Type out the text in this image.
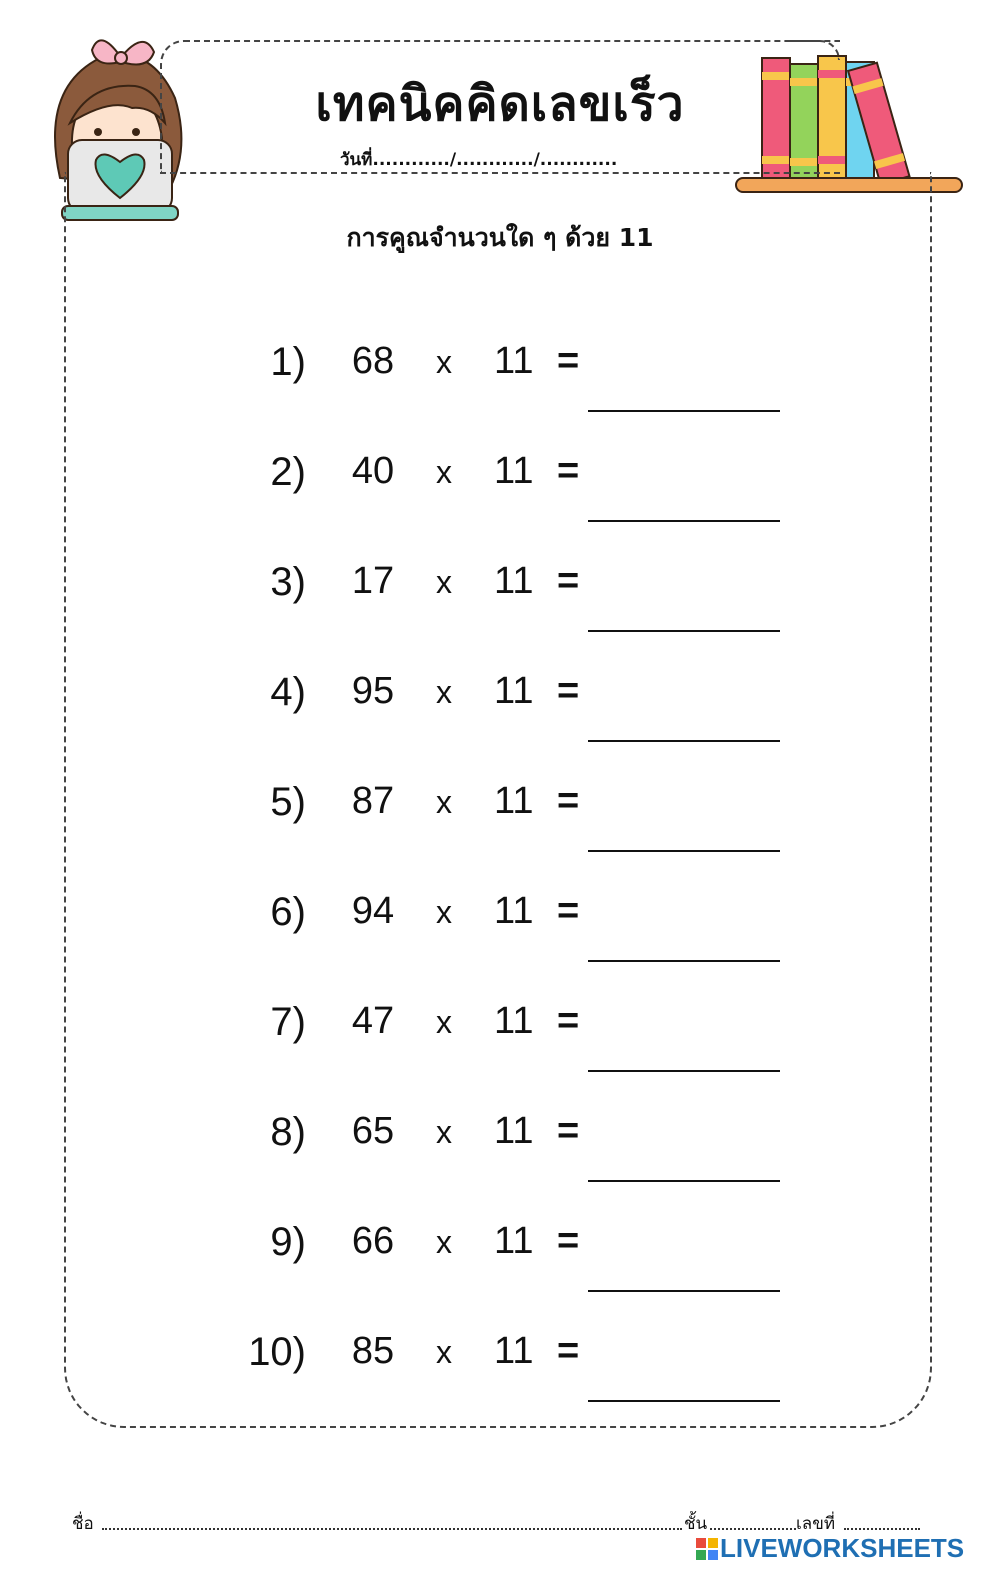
เทคนิคคิดเลขเร็ว
วันที่............/............/............
การคูณจำนวนใด ๆ ด้วย 11
1) 68 x 11 =
2) 40 x 11 =
3) 17 x 11 =
4) 95 x 11 =
5) 87 x 11 =
6) 94 x 11 =
7) 47 x 11 =
8) 65 x 11 =
9) 66 x 11 =
10) 85 x 11 =
ชื่อ	ชั้น	เลขที่
LIVEWORKSHEETS
